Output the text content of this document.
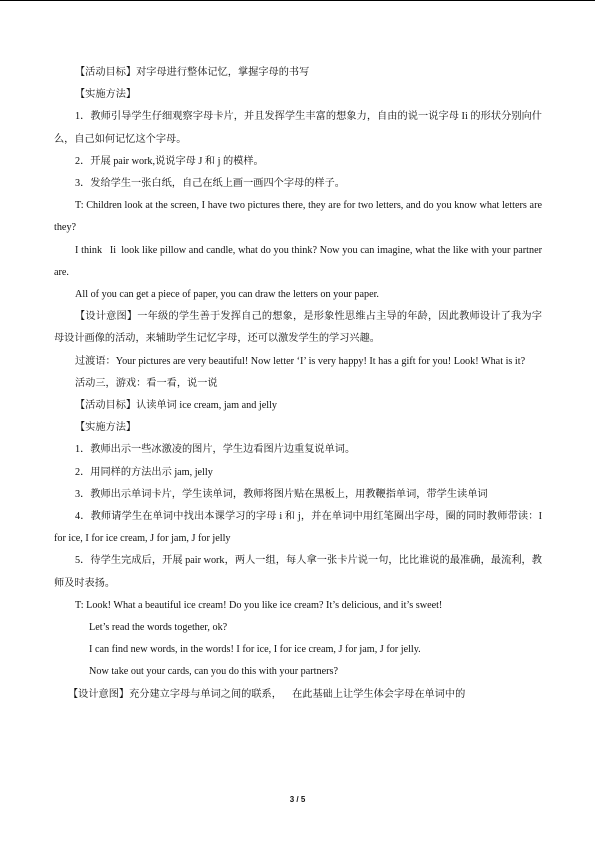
【活动目标】对字母进行整体记忆，掌握字母的书写

【实施方法】

1．教师引导学生仔细观察字母卡片，并且发挥学生丰富的想象力，自由的说一说字母 Ii 的形状分别向什么，自己如何记忆这个字母。

2．开展 pair work,说说字母 J 和 j 的模样。

3．发给学生一张白纸，自己在纸上画一画四个字母的样子。

T: Children look at the screen, I have two pictures there, they are for two letters, and do you know what letters are they?

I think  Ii look like pillow and candle, what do you think? Now you can imagine, what the like with your partner are.

All of you can get a piece of paper, you can draw the letters on your paper.

【设计意图】一年级的学生善于发挥自己的想象，是形象性思维占主导的年龄，因此教师设计了我为字母设计画像的活动，来辅助学生记忆字母，还可以激发学生的学习兴趣。

过渡语：Your pictures are very beautiful! Now letter ‘I’ is very happy! It has a gift for you! Look! What is it?

活动三，游戏：看一看，说一说

【活动目标】认读单词 ice cream, jam and jelly

【实施方法】

1．教师出示一些冰激凌的图片，学生边看图片边重复说单词。

2．用同样的方法出示 jam, jelly

3．教师出示单词卡片，学生读单词，教师将图片贴在黑板上，用教鞭指单词，带学生读单词

4．教师请学生在单词中找出本课学习的字母 i 和 j，并在单词中用红笔圈出字母，圈的同时教师带读：I for ice, I for ice cream, J for jam, J for jelly

5．待学生完成后，开展 pair work，两人一组，每人拿一张卡片说一句，比比谁说的最准确，最流利，教师及时表扬。

T: Look! What a beautiful ice cream! Do you like ice cream? It’s delicious, and it’s sweet!

Let’s read the words together, ok?

I can find new words, in the words! I for ice, I for ice cream, J for jam, J for jelly.

Now take out your cards, can you do this with your partners?

【设计意图】充分建立字母与单词之间的联系， 在此基础上让学生体会字母在单词中的

3 / 5
